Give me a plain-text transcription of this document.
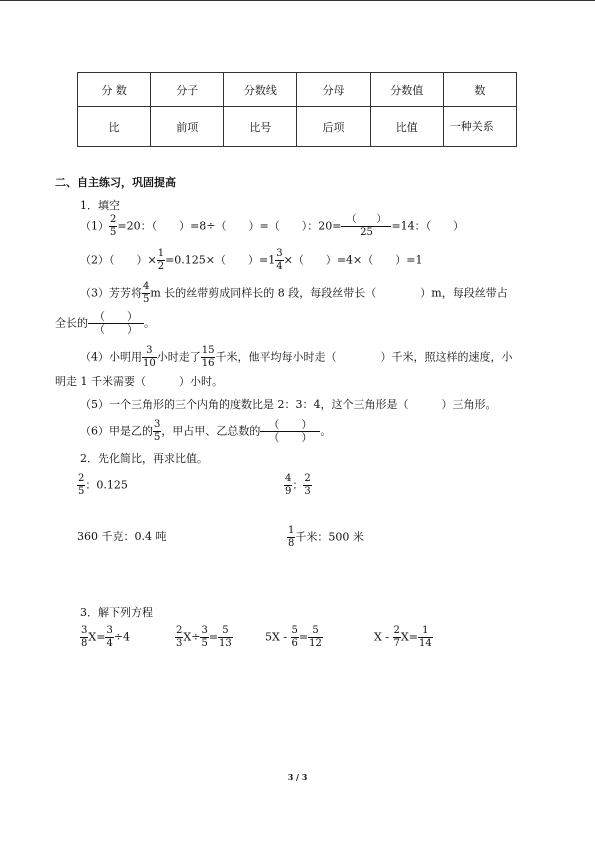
分 数	分子	分数线	分母	分数值	数
比	前项	比号	后项	比值	一种关系
二、自主练习，巩固提高
1．填空
$(1) \frac{2}{5} =20$：（　　）=8÷（　　）=（　　）：20= （　　）
25	=14：（　　）
（2）（　　）× $\frac{1}{2} =0.125\times$（　　）$=1 \frac{3}{4}$ ×（　　）=4×（　　）=1
（3）芳芳将 $\frac{4}{5}$ m 长的丝带剪成同样长的 8 段，每段丝带长（　　　　）m，每段丝带占
全长的 （　　）
（　　） 。
（4）小明用 $\frac{3}{10}$ 小时走了 $\frac{15}{16}$ 千米，他平均每小时走（　　　　）千米，照这样的速度，小
明走 1 千米需要（　　　）小时。
（5）一个三角形的三个内角的度数比是 2：3：4，这个三角形是（　　　）三角形。
（6）甲是乙的 $\frac{3}{5}$ ，甲占甲、乙总数的 （　　）
（　　） 。
2．先化简比，再求比值。
$\frac{2}{5}$ ：0.125	$\frac{4}{9}$ ： $\frac{2}{3}$
360 千克：0.4 吨	$\frac{1}{8}$ 千米：500 米
3．解下列方程
$\frac{3}{8} X= \frac{3}{4} \div 4$	$\frac{2}{3} X\div \frac{3}{5} = \frac{5}{13}$	$5X - \frac{5}{6} = \frac{5}{12}$	$X - \frac{2}{7} X= \frac{1}{14}$
3 / 3
